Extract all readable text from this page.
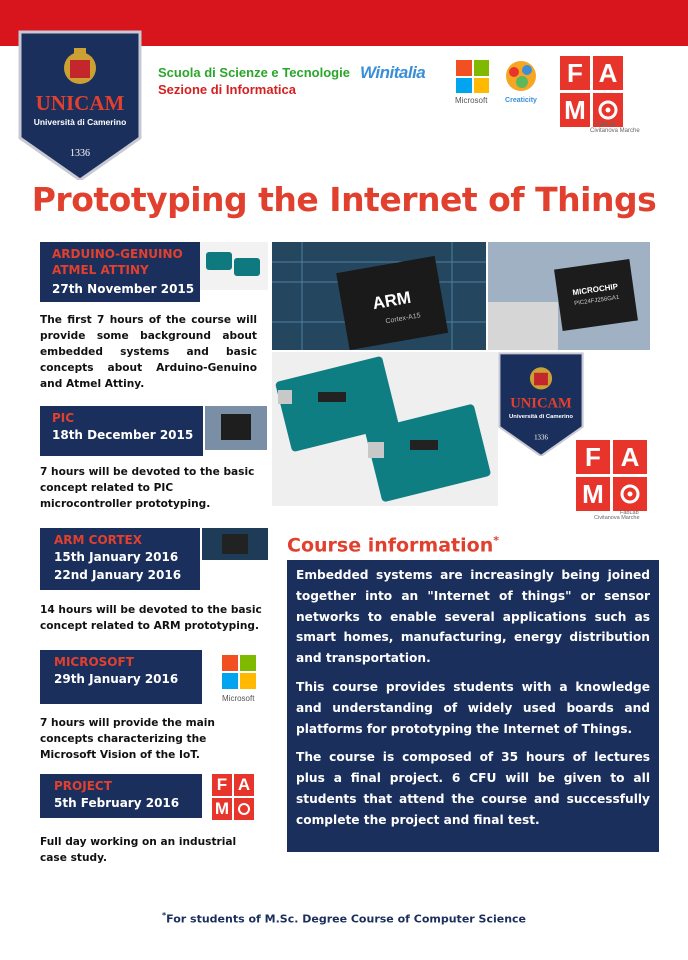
UNICAM
Università di Camerino
1336
Scuola di Scienze e Tecnologie
Sezione di Informatica
Winitalia
Microsoft	Creaticity
F A
M
FabLab
Civitanova Marche
Prototyping the Internet of Things
ARDUINO-GENUINO
ATMEL ATTINY
27th November 2015
The first 7 hours of the course will provide some background about embedded systems and basic concepts about Arduino-Genuino and Atmel Attiny.
PIC
18th December 2015
7 hours will be devoted to the basic concept related to PIC microcontroller prototyping.
ARM CORTEX
15th January 2016
22nd January 2016
14 hours will be devoted to the basic concept related to ARM prototyping.
MICROSOFT
29th January 2016
Microsoft
7 hours will provide the main concepts characterizing the Microsoft Vision of the IoT.
PROJECT
5th February 2016
F A
M
Full day working on an industrial case study.
ARM
Cortex-A15
MICROCHIP
PIC24FJ256GA1
UNICAM
Università di Camerino
1336
F A
M
FabLab
Civitanova Marche
Course information*

Embedded systems are increasingly being joined together into an "Internet of things" or sensor networks to enable several applications such as smart homes, manufacturing, energy distribution and transportation.

This course provides students with a knowledge and understanding of widely used boards and platforms for prototyping the Internet of Things.

The course is composed of 35 hours of lectures plus a final project. 6 CFU will be given to all students that attend the course and successfully complete the project and final test.

*For students of M.Sc. Degree Course of Computer Science
